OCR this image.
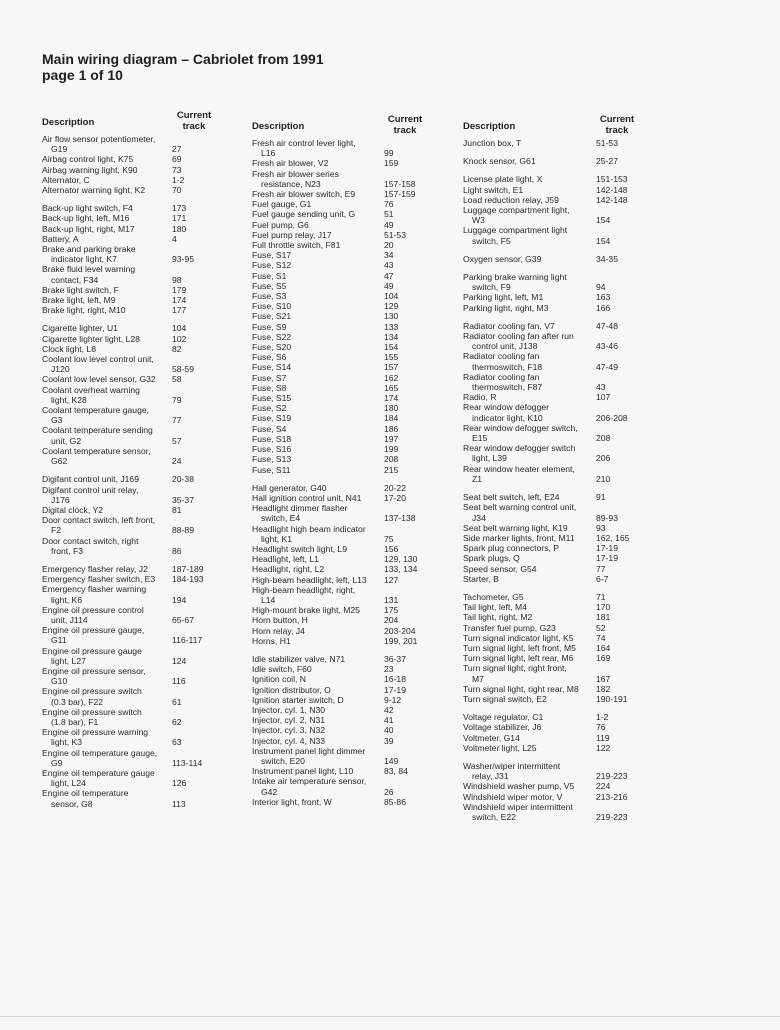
Main wiring diagram – Cabriolet from 1991
page 1 of 10
Description
Current
track
Air flow sensor potentiometer,
G19	27
Airbag control light, K75	69
Airbag warning light, K90	73
Alternator, C	1-2
Alternator warning light, K2	70
Back-up light switch, F4	173
Back-up light, left, M16	171
Back-up light, right, M17	180
Battery, A	4
Brake and parking brake
indicator light, K7	93-95
Brake fluid level warning
contact, F34	98
Brake light switch, F	179
Brake light, left, M9	174
Brake light, right, M10	177
Cigarette lighter, U1	104
Cigarette lighter light, L28	102
Clock light, L8	82
Coolant low level control unit,
J120	58-59
Coolant low level sensor, G32	58
Coolant overheat warning
light, K28	79
Coolant temperature gauge,
G3	77
Coolant temperature sending
unit, G2	57
Coolant temperature sensor,
G62	24
Digifant control unit, J169	20-38
Digifant control unit relay,
J176	35-37
Digital clock, Y2	81
Door contact switch, left front,
F2	88-89
Door contact switch, right
front, F3	86
Emergency flasher relay, J2	187-189
Emergency flasher switch, E3	184-193
Emergency flasher warning
light, K6	194
Engine oil pressure control
unit, J114	65-67
Engine oil pressure gauge,
G11	116-117
Engine oil pressure gauge
light, L27	124
Engine oil pressure sensor,
G10	116
Engine oil pressure switch
(0.3 bar), F22	61
Engine oil pressure switch
(1.8 bar), F1	62
Engine oil pressure warning
light, K3	63
Engine oil temperature gauge,
G9	113-114
Engine oil temperature gauge
light, L24	126
Engine oil temperature
sensor, G8	113
Description
Current
track
Fresh air control lever light,
L16	99
Fresh air blower, V2	159
Fresh air blower series
resistance, N23	157-158
Fresh air blower switch, E9	157-159
Fuel gauge, G1	76
Fuel gauge sending unit, G	51
Fuel pump, G6	49
Fuel pump relay, J17	51-53
Full throttle switch, F81	20
Fuse, S17	34
Fuse, S12	43
Fuse, S1	47
Fuse, S5	49
Fuse, S3	104
Fuse, S10	129
Fuse, S21	130
Fuse, S9	133
Fuse, S22	134
Fuse, S20	154
Fuse, S6	155
Fuse, S14	157
Fuse, S7	162
Fuse, S8	165
Fuse, S15	174
Fuse, S2	180
Fuse, S19	184
Fuse, S4	186
Fuse, S18	197
Fuse, S16	199
Fuse, S13	208
Fuse, S11	215
Hall generator, G40	20-22
Hall ignition control unit, N41	17-20
Headlight dimmer flasher
switch, E4	137-138
Headlight high beam indicator
light, K1	75
Headlight switch light, L9	156
Headlight, left, L1	129, 130
Headlight, right, L2	133, 134
High-beam headlight, left, L13	127
High-beam headlight, right,
L14	131
High-mount brake light, M25	175
Horn button, H	204
Horn relay, J4	203-204
Horns, H1	199, 201
Idle stabilizer valve, N71	36-37
Idle switch, F60	23
Ignition coil, N	16-18
Ignition distributor, O	17-19
Ignition starter switch, D	9-12
Injector, cyl. 1, N30	42
Injector, cyl. 2, N31	41
Injector, cyl. 3, N32	40
Injector, cyl. 4, N33	39
Instrument panel light dimmer
switch, E20	149
Instrument panel light, L10	83, 84
Intake air temperature sensor,
G42	26
Interior light, front, W	85-86
Description
Current
track
Junction box, T	51-53
Knock sensor, G61	25-27
License plate light, X	151-153
Light switch, E1	142-148
Load reduction relay, J59	142-148
Luggage compartment light,
W3	154
Luggage compartment light
switch, F5	154
Oxygen sensor, G39	34-35
Parking brake warning light
switch, F9	94
Parking light, left, M1	163
Parking light, right, M3	166
Radiator cooling fan, V7	47-48
Radiator cooling fan after run
control unit, J138	43-46
Radiator cooling fan
thermoswitch, F18	47-49
Radiator cooling fan
thermoswitch, F87	43
Radio, R	107
Rear window defogger
indicator light, K10	206-208
Rear window defogger switch,
E15	208
Rear window defogger switch
light, L39	206
Rear window heater element,
Z1	210
Seat belt switch, left, E24	91
Seat belt warning control unit,
J34	89-93
Seat belt warning light, K19	93
Side marker lights, front, M11	162, 165
Spark plug connectors, P	17-19
Spark plugs, Q	17-19
Speed sensor, G54	77
Starter, B	6-7
Tachometer, G5	71
Tail light, left, M4	170
Tail light, right, M2	181
Transfer fuel pump, G23	52
Turn signal indicator light, K5	74
Turn signal light, left front, M5	164
Turn signal light, left rear, M6	169
Turn signal light, right front,
M7	167
Turn signal light, right rear, M8	182
Turn signal switch, E2	190-191
Voltage regulator, C1	1-2
Voltage stabilizer, J6	76
Voltmeter, G14	119
Voltmeter light, L25	122
Washer/wiper intermittent
relay, J31	219-223
Windshield washer pump, V5	224
Windshield wiper motor, V	213-216
Windshield wiper intermittent
switch, E22	219-223
